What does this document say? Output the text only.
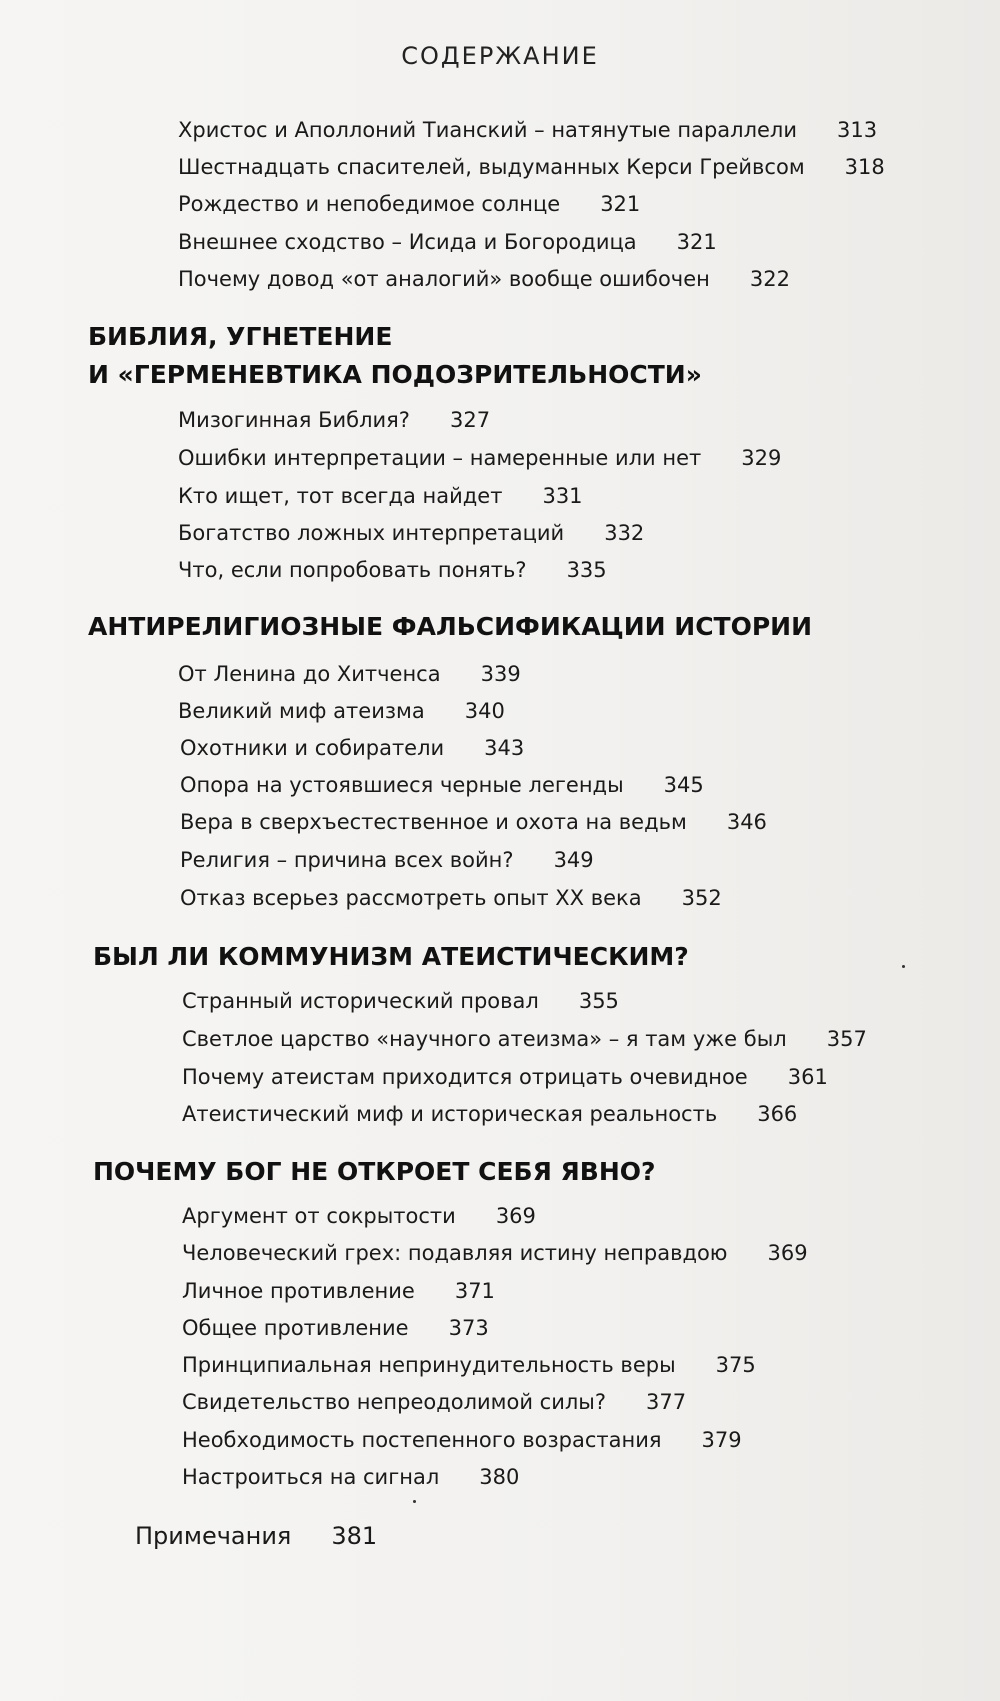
СОДЕРЖАНИЕ
Христос и Аполлоний Тианский – натянутые параллели 313
Шестнадцать спасителей, выдуманных Керси Грейвсом 318
Рождество и непобедимое солнце 321
Внешнее сходство – Исида и Богородица 321
Почему довод «от аналогий» вообще ошибочен 322
БИБЛИЯ, УГНЕТЕНИЕ
И «ГЕРМЕНЕВТИКА ПОДОЗРИТЕЛЬНОСТИ»
Мизогинная Библия? 327
Ошибки интерпретации – намеренные или нет 329
Кто ищет, тот всегда найдет 331
Богатство ложных интерпретаций 332
Что, если попробовать понять? 335
АНТИРЕЛИГИОЗНЫЕ ФАЛЬСИФИКАЦИИ ИСТОРИИ
От Ленина до Хитченса 339
Великий миф атеизма 340
Охотники и собиратели 343
Опора на устоявшиеся черные легенды 345
Вера в сверхъестественное и охота на ведьм 346
Религия – причина всех войн? 349
Отказ всерьез рассмотреть опыт XX века 352
БЫЛ ЛИ КОММУНИЗМ АТЕИСТИЧЕСКИМ?
Странный исторический провал 355
Светлое царство «научного атеизма» – я там уже был 357
Почему атеистам приходится отрицать очевидное 361
Атеистический миф и историческая реальность 366
ПОЧЕМУ БОГ НЕ ОТКРОЕТ СЕБЯ ЯВНО?
Аргумент от сокрытости 369
Человеческий грех: подавляя истину неправдою 369
Личное противление 371
Общее противление 373
Принципиальная непринудительность веры 375
Свидетельство непреодолимой силы? 377
Необходимость постепенного возрастания 379
Настроиться на сигнал 380
Примечания 381
